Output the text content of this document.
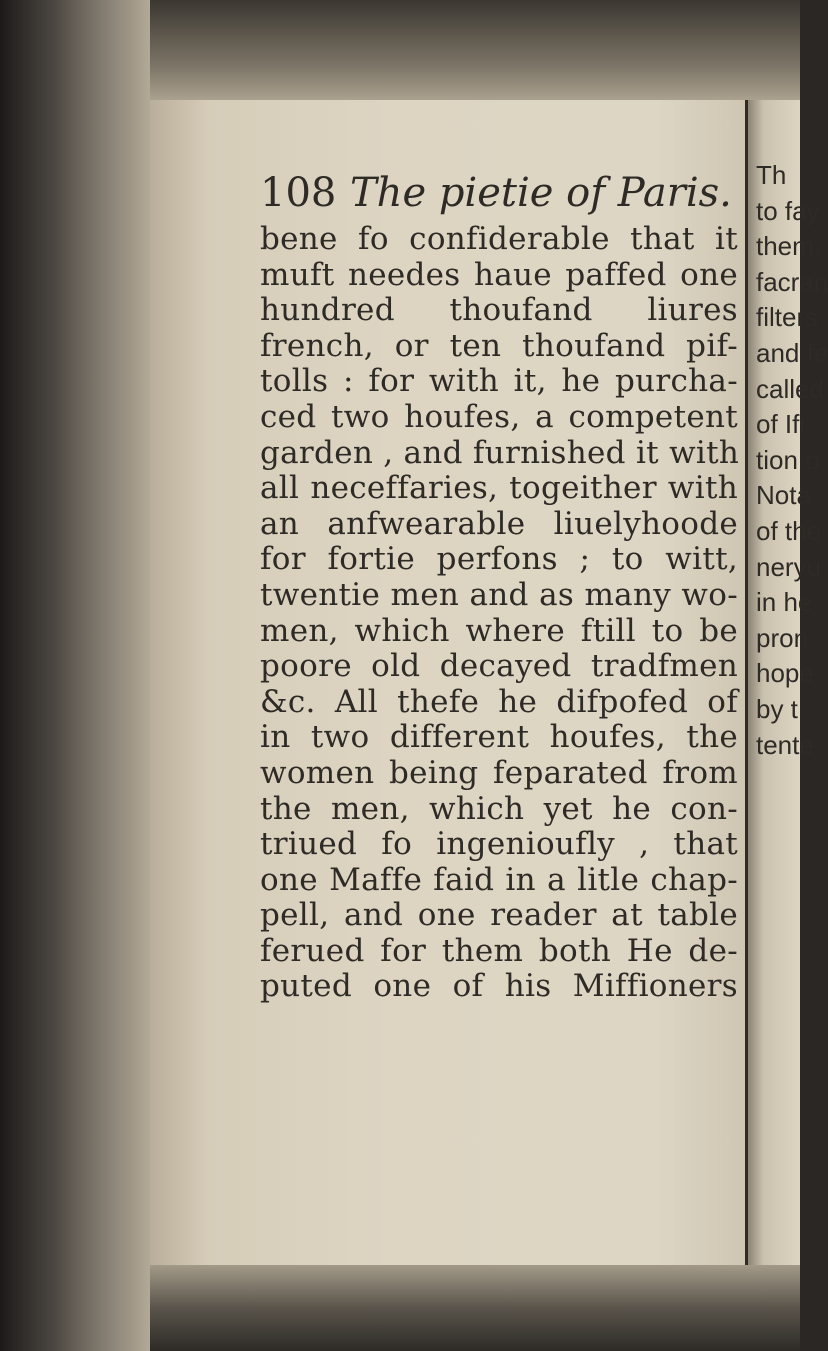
Th
to fay
them.
facran
filters
and fe
called
of Ifi
tion o
Nota
of the
neryu
in he
pron
hope
by t
tente
108 The pietie of Paris.
bene fo confiderable that it
muft needes haue paffed one
hundred thoufand liures
french, or ten thoufand pif-
tolls : for with it, he purcha-
ced two houfes, a competent
garden , and furnished it with
all neceffaries, togeither with
an anfwearable liuelyhoode
for fortie perfons ; to witt,
twentie men and as many wo-
men, which where ftill to be
poore old decayed tradfmen
&c. All thefe he difpofed of
in two different houfes, the
women being feparated from
the men, which yet he con-
triued fo ingenioufly , that
one Maffe faid in a litle chap-
pell, and one reader at table
ferued for them both He de-
puted one of his Miffioners
